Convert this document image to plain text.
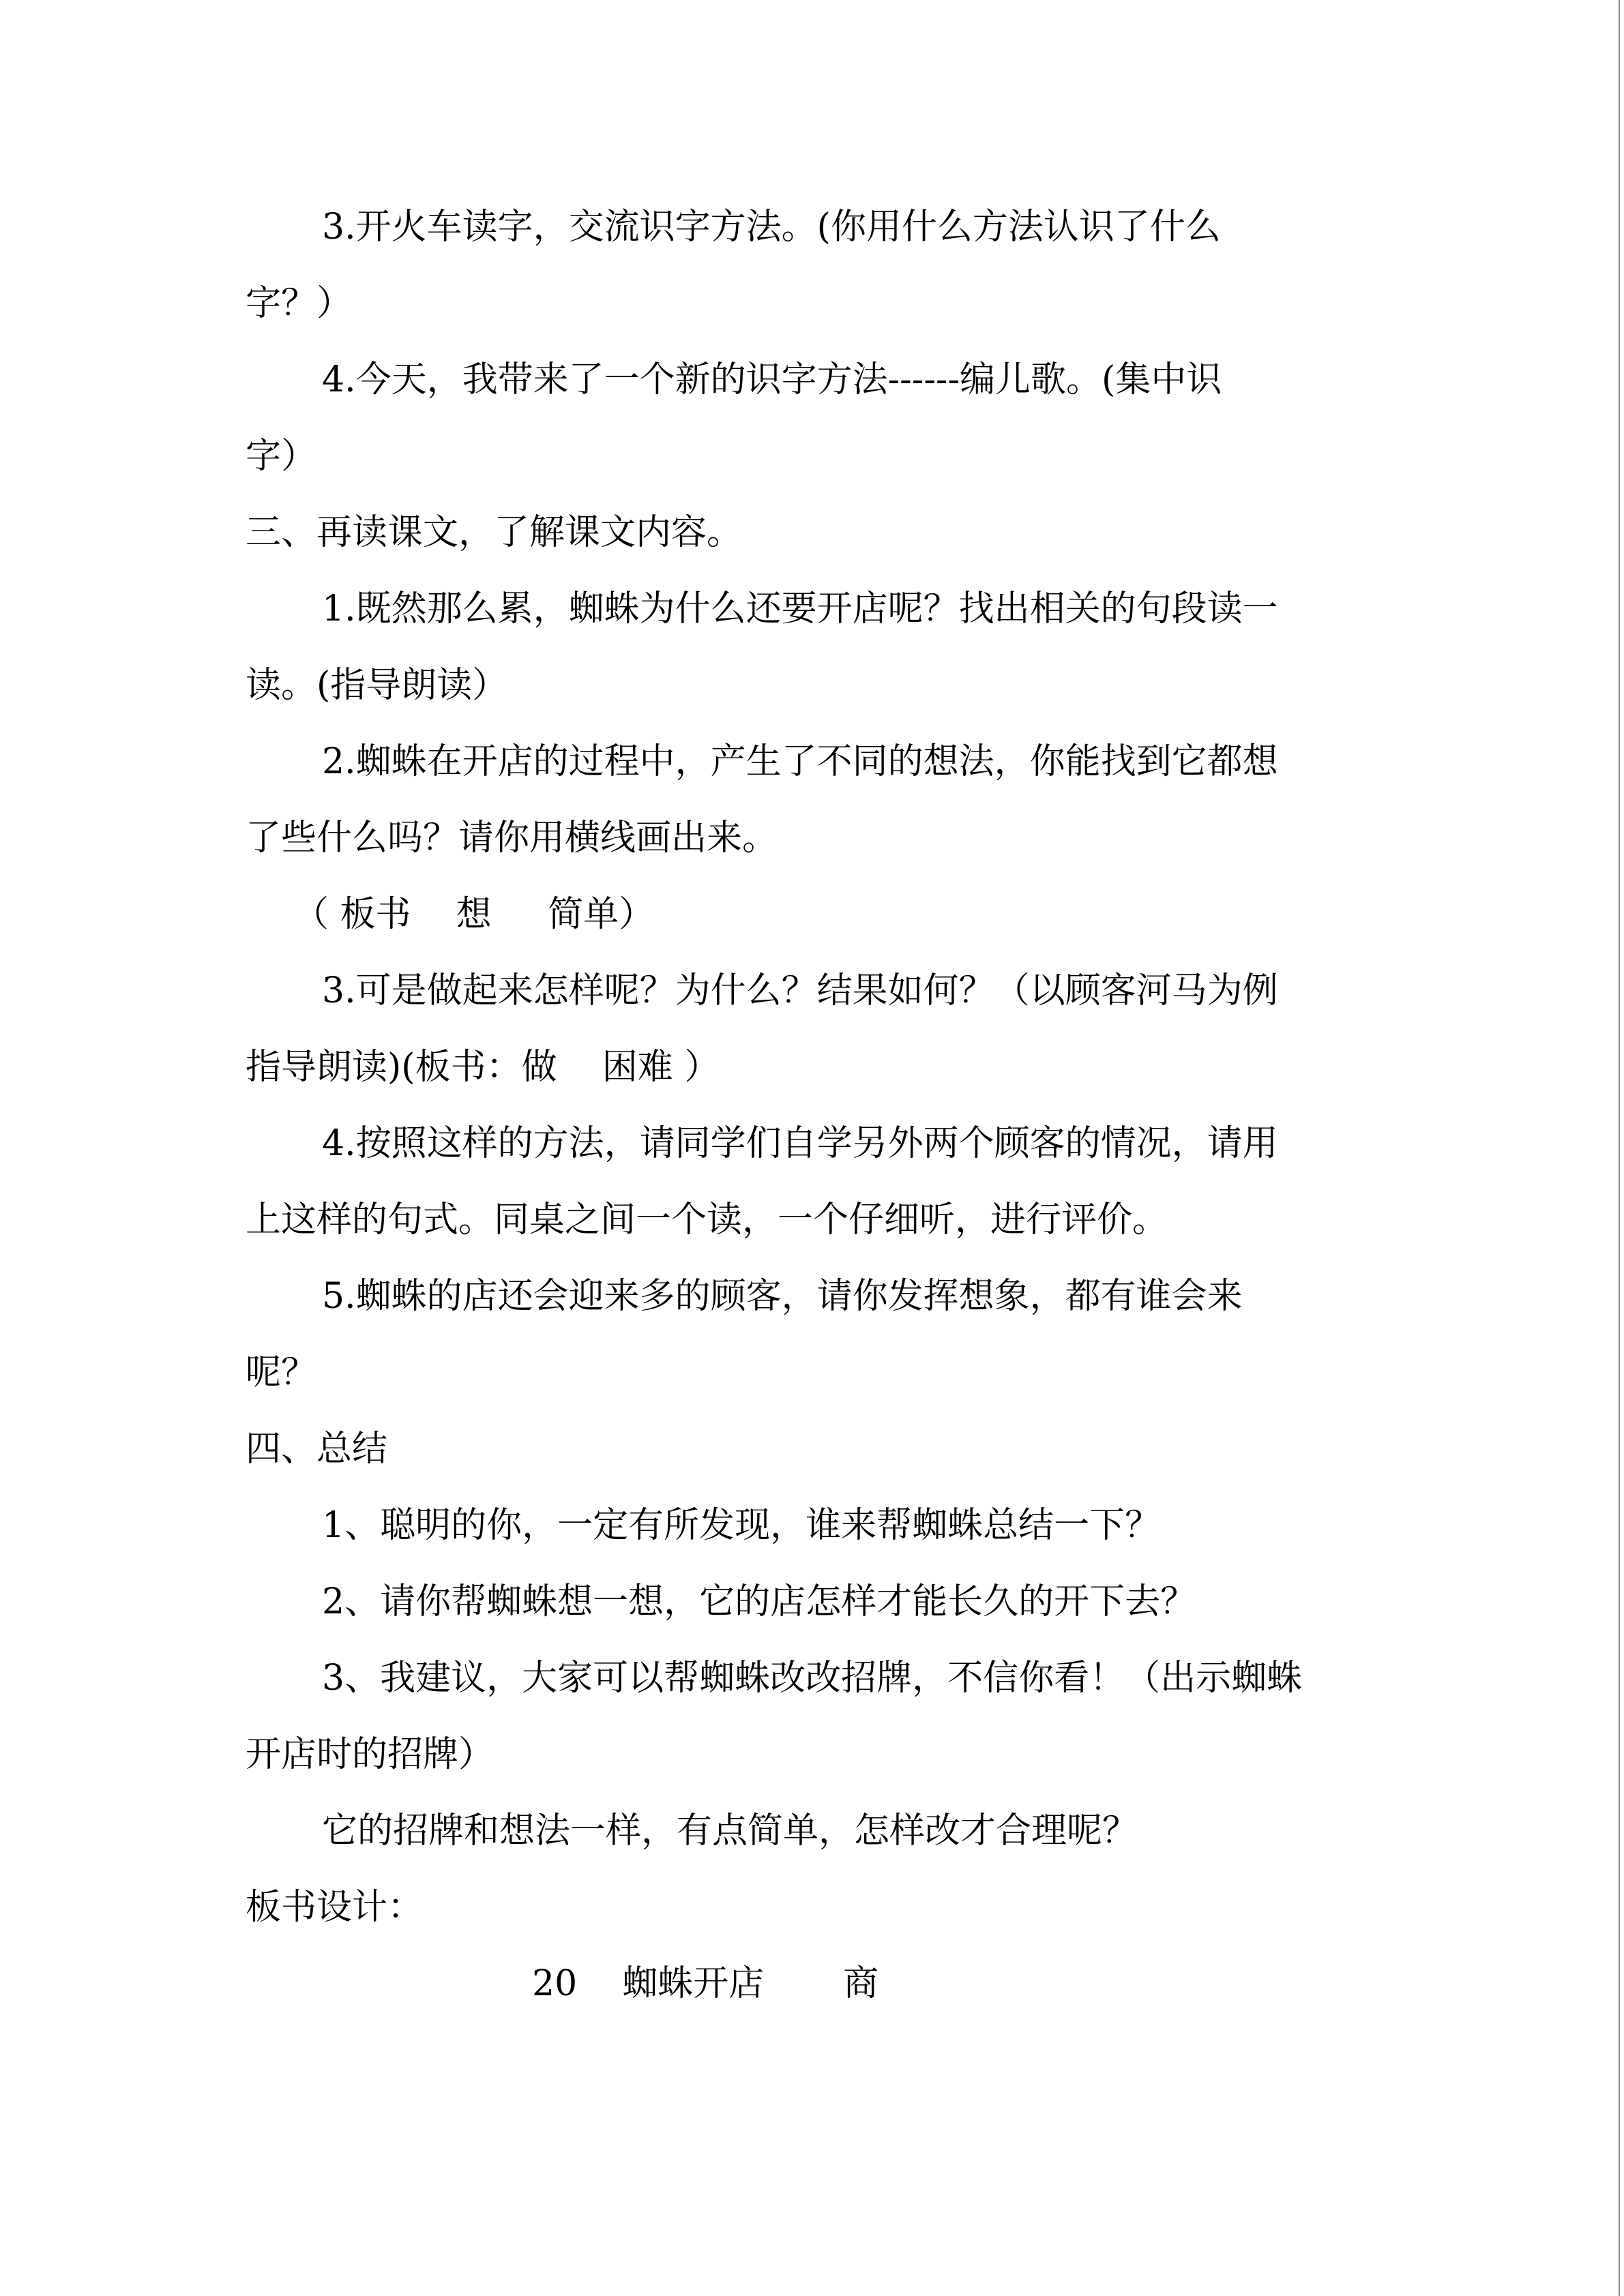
3.开火车读字，交流识字方法。(你用什么方法认识了什么
字？）
4.今天，我带来了一个新的识字方法------编儿歌。(集中识
字）
三、再读课文，了解课文内容。
1.既然那么累，蜘蛛为什么还要开店呢？找出相关的句段读一
读。(指导朗读）
2.蜘蛛在开店的过程中，产生了不同的想法，你能找到它都想
了些什么吗？请你用横线画出来。
（ 板书    想     简单）
3.可是做起来怎样呢？为什么？结果如何？（以顾客河马为例
指导朗读)(板书：做    困难 ）
4.按照这样的方法，请同学们自学另外两个顾客的情况，请用
上这样的句式。同桌之间一个读，一个仔细听，进行评价。
5.蜘蛛的店还会迎来多的顾客，请你发挥想象，都有谁会来
呢？
四、总结
1、聪明的你，一定有所发现，谁来帮蜘蛛总结一下？
2、请你帮蜘蛛想一想，它的店怎样才能长久的开下去？
3、我建议，大家可以帮蜘蛛改改招牌，不信你看！（出示蜘蛛
开店时的招牌）
它的招牌和想法一样，有点简单，怎样改才合理呢？
板书设计：
20    蜘蛛开店       商
